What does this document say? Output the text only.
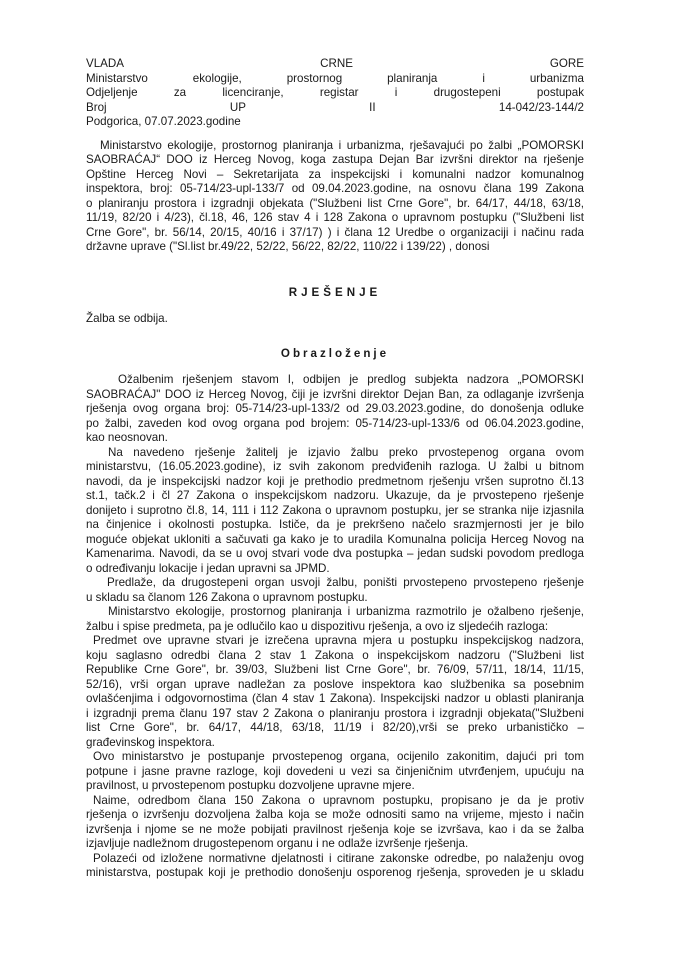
VLADA CRNE GORE
Ministarstvo ekologije, prostornog planiranja i urbanizma
Odjeljenje za licenciranje, registar i drugostepeni postupak
Broj UP II 14-042/23-144/2
Podgorica, 07.07.2023.godine
Ministarstvo ekologije, prostornog planiranja i urbanizma, rješavajući po žalbi „POMORSKI
SAOBRAĆAJ“ DOO iz Herceg Novog, koga zastupa Dejan Bar izvršni direktor na rješenje
Opštine Herceg Novi – Sekretarijata za inspekcijski i komunalni nadzor komunalnog
inspektora, broj: 05-714/23-upl-133/7 od 09.04.2023.godine, na osnovu člana 199 Zakona
o planiranju prostora i izgradnji objekata ("Službeni list Crne Gore", br. 64/17, 44/18, 63/18,
11/19, 82/20 i 4/23), čl.18, 46, 126 stav 4 i 128 Zakona o upravnom postupku ("Službeni list
Crne Gore", br. 56/14, 20/15, 40/16 i 37/17) ) i člana 12 Uredbe o organizaciji i načinu rada
državne uprave ("Sl.list br.49/22, 52/22, 56/22, 82/22, 110/22 i 139/22) , donosi

RJEŠENJE

Žalba se odbija.

Obrazloženje

Ožalbenim rješenjem stavom I, odbijen je predlog subjekta nadzora „POMORSKI
SAOBRAĆAJ" DOO iz Herceg Novog, čiji je izvršni direktor Dejan Ban, za odlaganje izvršenja
rješenja ovog organa broj: 05-714/23-upl-133/2 od 29.03.2023.godine, do donošenja odluke
po žalbi, zaveden kod ovog organa pod brojem: 05-714/23-upl-133/6 od 06.04.2023.godine,
kao neosnovan.
Na navedeno rješenje žalitelj je izjavio žalbu preko prvostepenog organa ovom
ministarstvu, (16.05.2023.godine), iz svih zakonom predviđenih razloga. U žalbi u bitnom
navodi, da je inspekcijski nadzor koji je prethodio predmetnom rješenju vršen suprotno čl.13
st.1, tačk.2 i čl 27 Zakona o inspekcijskom nadzoru. Ukazuje, da je prvostepeno rješenje
donijeto i suprotno čl.8, 14, 111 i 112 Zakona o upravnom postupku, jer se stranka nije izjasnila
na činjenice i okolnosti postupka. Ističe, da je prekršeno načelo srazmjernosti jer je bilo
moguće objekat ukloniti a sačuvati ga kako je to uradila Komunalna policija Herceg Novog na
Kamenarima. Navodi, da se u ovoj stvari vode dva postupka – jedan sudski povodom predloga
o određivanju lokacije i jedan upravni sa JPMD.
Predlaže, da drugostepeni organ usvoji žalbu, poništi prvostepeno prvostepeno rješenje
u skladu sa članom 126 Zakona o upravnom postupku.
Ministarstvo ekologije, prostornog planiranja i urbanizma razmotrilo je ožalbeno rješenje,
žalbu i spise predmeta, pa je odlučilo kao u dispozitivu rješenja, a ovo iz sljedećih razloga:
Predmet ove upravne stvari je izrečena upravna mjera u postupku inspekcijskog nadzora,
koju saglasno odredbi člana 2 stav 1 Zakona o inspekcijskom nadzoru ("Službeni list
Republike Crne Gore", br. 39/03, Službeni list Crne Gore", br. 76/09, 57/11, 18/14, 11/15,
52/16), vrši organ uprave nadležan za poslove inspektora kao službenika sa posebnim
ovlašćenjima i odgovornostima (član 4 stav 1 Zakona). Inspekcijski nadzor u oblasti planiranja
i izgradnji prema članu 197 stav 2 Zakona o planiranju prostora i izgradnji objekata("Službeni
list Crne Gore", br. 64/17, 44/18, 63/18, 11/19 i 82/20),vrši se preko urbanističko –
građevinskog inspektora.
Ovo ministarstvo je postupanje prvostepenog organa, ocijenilo zakonitim, dajući pri tom
potpune i jasne pravne razloge, koji dovedeni u vezi sa činjeničnim utvrđenjem, upućuju na
pravilnost, u prvostepenom postupku dozvoljene upravne mjere.
Naime, odredbom člana 150 Zakona o upravnom postupku, propisano je da je protiv
rješenja o izvršenju dozvoljena žalba koja se može odnositi samo na vrijeme, mjesto i način
izvršenja i njome se ne može pobijati pravilnost rješenja koje se izvršava, kao i da se žalba
izjavljuje nadležnom drugostepenom organu i ne odlaže izvršenje rješenja.
Polazeći od izložene normativne djelatnosti i citirane zakonske odredbe, po nalaženju ovog
ministarstva, postupak koji je prethodio donošenju osporenog rješenja, sproveden je u skladu
